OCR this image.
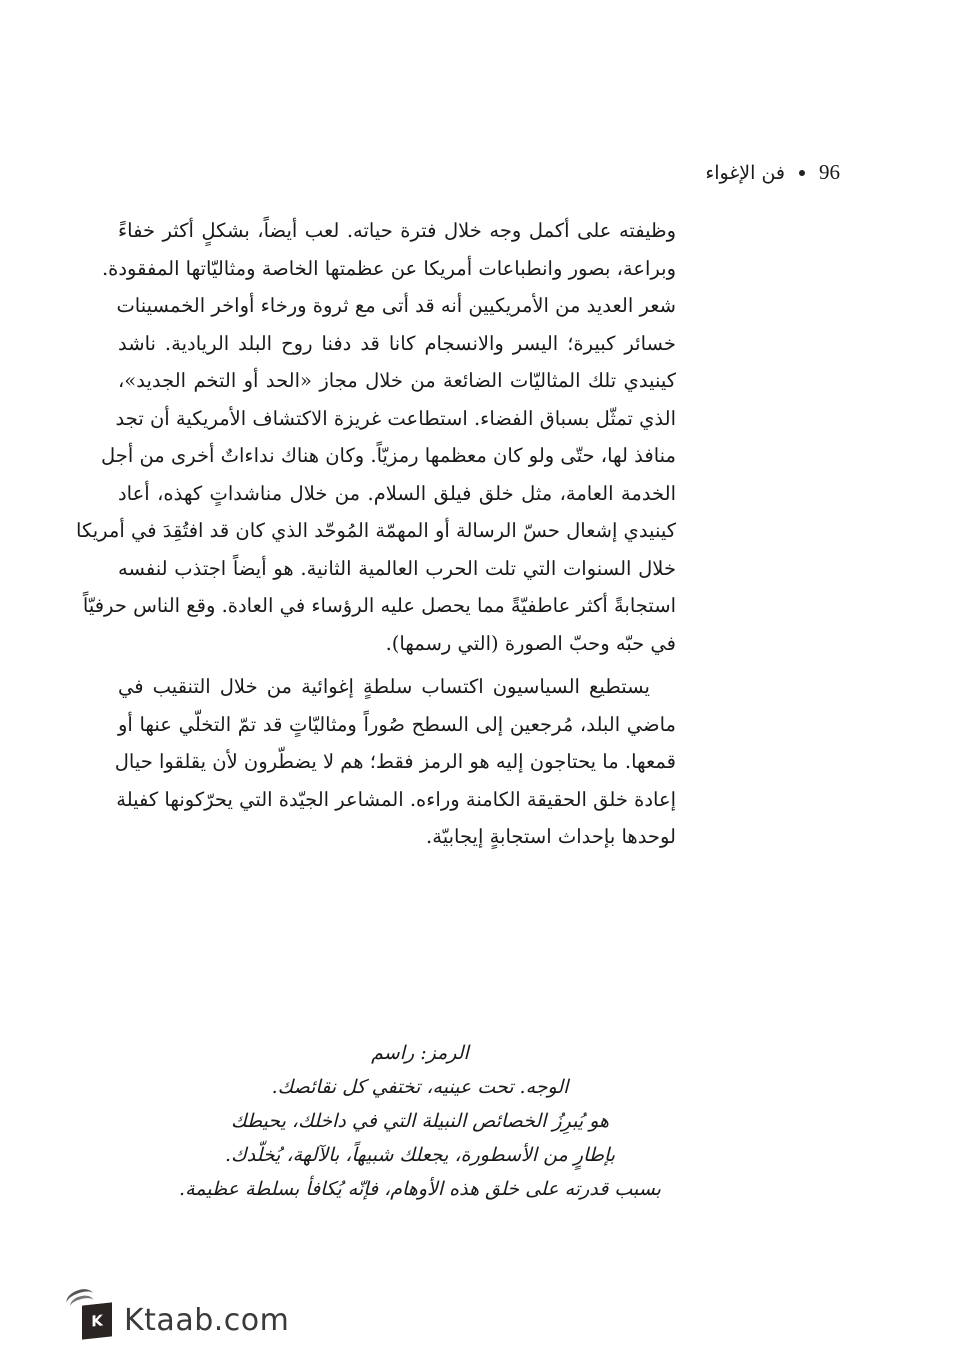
96
فن الإغواء

وظيفته على أكمل وجه خلال فترة حياته. لعب أيضاً، بشكلٍ أكثر خفاءً
وبراعة، بصور وانطباعات أمريكا عن عظمتها الخاصة ومثاليّاتها المفقودة.
شعر العديد من الأمريكيين أنه قد أتى مع ثروة ورخاء أواخر الخمسينات
خسائر كبيرة؛ اليسر والانسجام كانا قد دفنا روح البلد الريادية. ناشد
كينيدي تلك المثاليّات الضائعة من خلال مجاز «الحد أو التخم الجديد»،
الذي تمثّل بسباق الفضاء. استطاعت غريزة الاكتشاف الأمريكية أن تجد
منافذ لها، حتّى ولو كان معظمها رمزيّاً. وكان هناك نداءاتٌ أخرى من أجل
الخدمة العامة، مثل خلق فيلق السلام. من خلال مناشداتٍ كهذه، أعاد
كينيدي إشعال حسّ الرسالة أو المهمّة المُوحّد الذي كان قد افتُقِدَ في أمريكا
خلال السنوات التي تلت الحرب العالمية الثانية. هو أيضاً اجتذب لنفسه
استجابةً أكثر عاطفيّةً مما يحصل عليه الرؤساء في العادة. وقع الناس حرفيّاً
في حبّه وحبّ الصورة (التي رسمها).

يستطيع السياسيون اكتساب سلطةٍ إغوائية من خلال التنقيب في
ماضي البلد، مُرجعين إلى السطح صُوراً ومثاليّاتٍ قد تمّ التخلّي عنها أو
قمعها. ما يحتاجون إليه هو الرمز فقط؛ هم لا يضطّرون لأن يقلقوا حيال
إعادة خلق الحقيقة الكامنة وراءه. المشاعر الجيّدة التي يحرّكونها كفيلة
لوحدها بإحداث استجابةٍ إيجابيّة.

الرمز: راسم
الوجه. تحت عينيه، تختفي كل نقائصك.
هو يُبرِزُ الخصائص النبيلة التي في داخلك، يحيطك
بإطارٍ من الأسطورة، يجعلك شبيهاً، بالآلهة، يُخلّدك.
بسبب قدرته على خلق هذه الأوهام، فإنّه يُكافأ بسلطة عظيمة.
K Ktaab.com
